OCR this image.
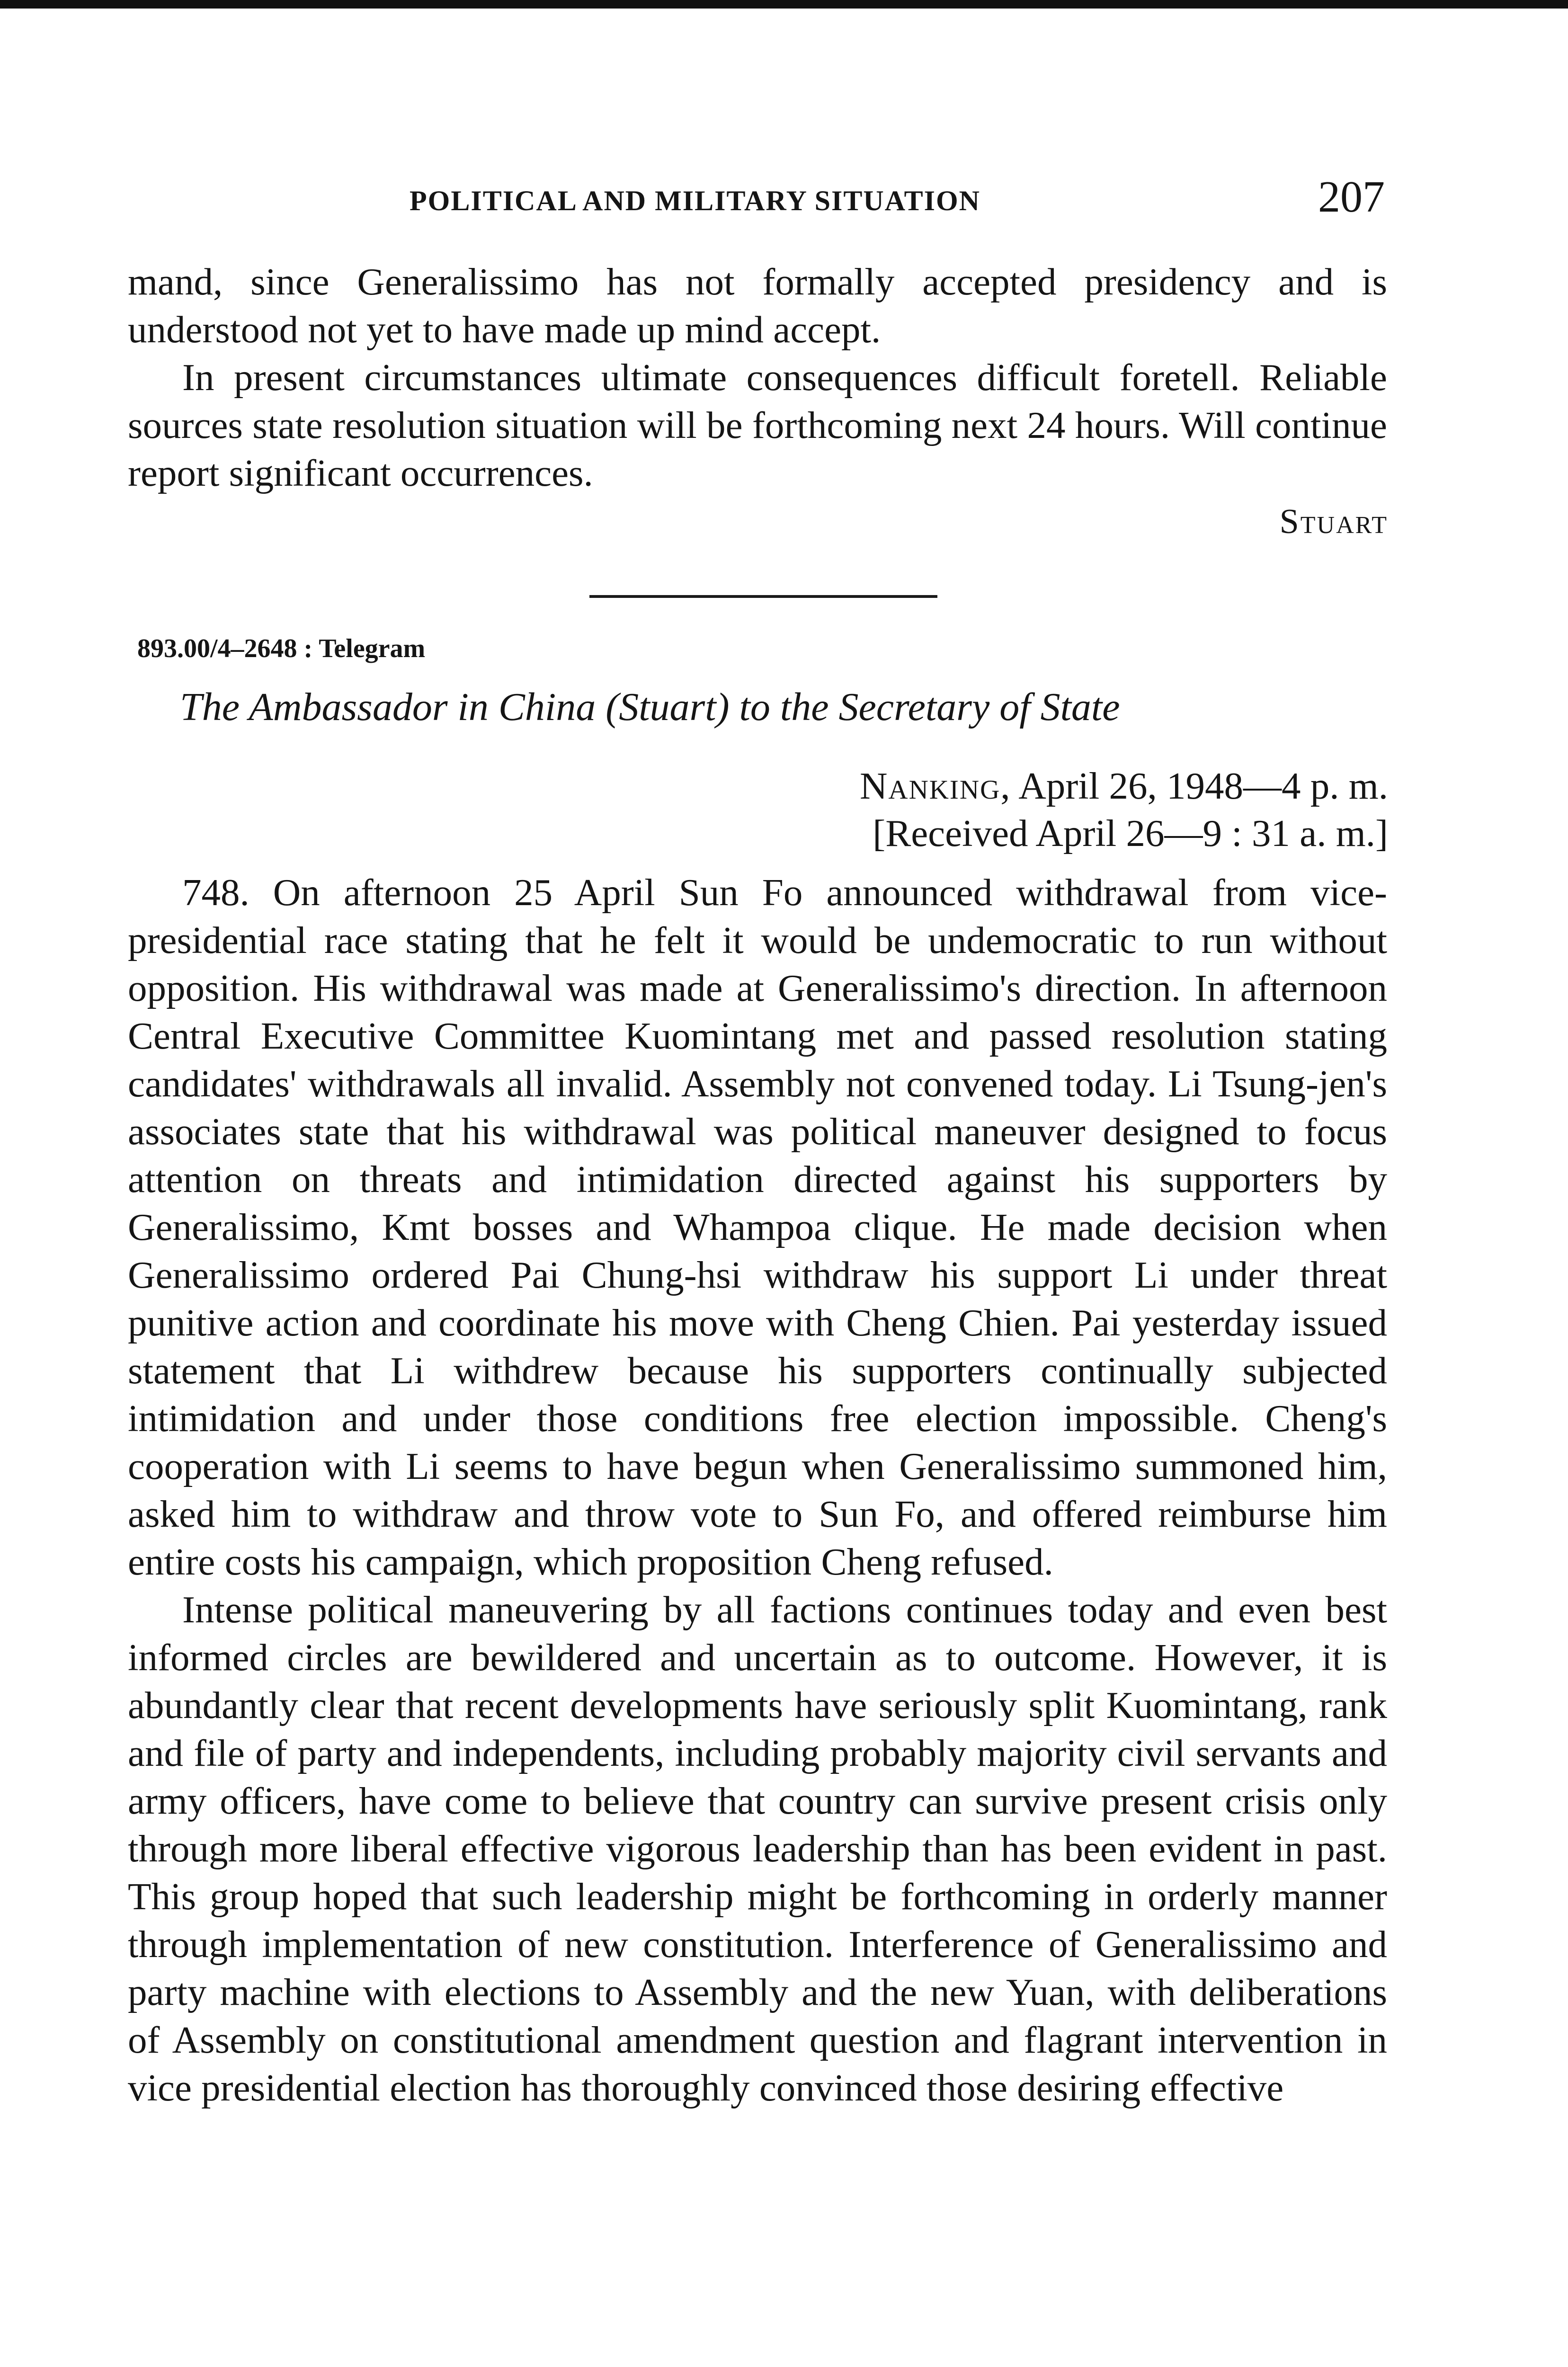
POLITICAL AND MILITARY SITUATION	207

mand, since Generalissimo has not formally accepted presidency and is understood not yet to have made up mind accept.

In present circumstances ultimate consequences difficult foretell. Reliable sources state resolution situation will be forthcoming next 24 hours. Will continue report significant occurrences.

Stuart
893.00/4–2648 : Telegram
The Ambassador in China (Stuart) to the Secretary of State
Nanking, April 26, 1948—4 p. m.
[Received April 26—9 : 31 a. m.]

748. On afternoon 25 April Sun Fo announced withdrawal from vice-presidential race stating that he felt it would be undemocratic to run without opposition. His withdrawal was made at Generalissimo's direction. In afternoon Central Executive Committee Kuomintang met and passed resolution stating candidates' withdrawals all invalid. Assembly not convened today. Li Tsung-jen's associates state that his withdrawal was political maneuver designed to focus attention on threats and intimidation directed against his supporters by Generalissimo, Kmt bosses and Whampoa clique. He made decision when Generalissimo ordered Pai Chung-hsi withdraw his support Li under threat punitive action and coordinate his move with Cheng Chien. Pai yesterday issued statement that Li withdrew because his supporters continually subjected intimidation and under those conditions free election impossible. Cheng's cooperation with Li seems to have begun when Generalissimo summoned him, asked him to withdraw and throw vote to Sun Fo, and offered reimburse him entire costs his campaign, which proposition Cheng refused.

Intense political maneuvering by all factions continues today and even best informed circles are bewildered and uncertain as to outcome. However, it is abundantly clear that recent developments have seriously split Kuomintang, rank and file of party and independents, including probably majority civil servants and army officers, have come to believe that country can survive present crisis only through more liberal effective vigorous leadership than has been evident in past. This group hoped that such leadership might be forthcoming in orderly manner through implementation of new constitution. Interference of Generalissimo and party machine with elections to Assembly and the new Yuan, with deliberations of Assembly on constitutional amendment question and flagrant intervention in vice presidential election has thoroughly convinced those desiring effective
